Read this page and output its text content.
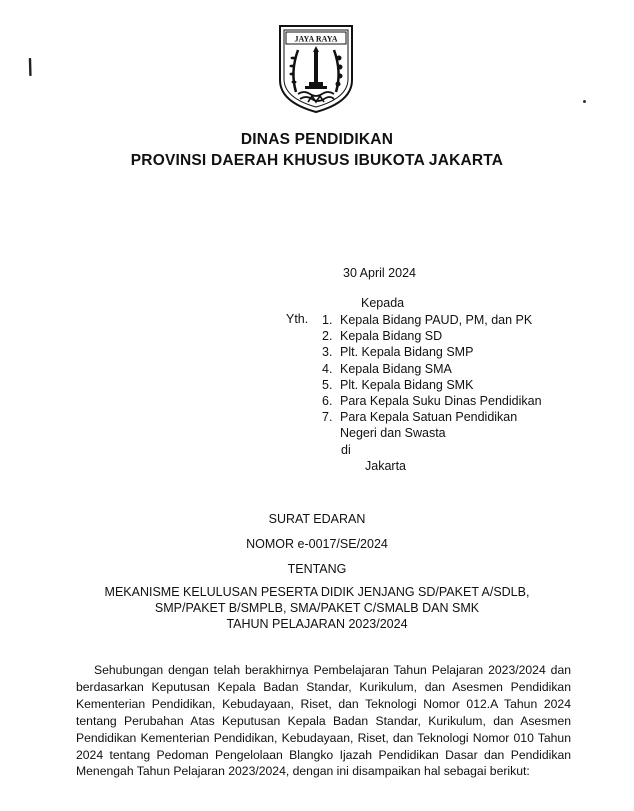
JAYA RAYA
DINAS PENDIDIKAN
PROVINSI DAERAH KHUSUS IBUKOTA JAKARTA
30 April 2024
Kepada
Yth. 1. Kepala Bidang PAUD, PM, dan PK
2. Kepala Bidang SD
3. Plt. Kepala Bidang SMP
4. Kepala Bidang SMA
5. Plt. Kepala Bidang SMK
6. Para Kepala Suku Dinas Pendidikan
7. Para Kepala Satuan Pendidikan
Negeri dan Swasta
di
Jakarta
SURAT EDARAN
NOMOR e-0017/SE/2024
TENTANG
MEKANISME KELULUSAN PESERTA DIDIK JENJANG SD/PAKET A/SDLB,
SMP/PAKET B/SMPLB, SMA/PAKET C/SMALB DAN SMK
TAHUN PELAJARAN 2023/2024
Sehubungan dengan telah berakhirnya Pembelajaran Tahun Pelajaran 2023/2024 dan berdasarkan Keputusan Kepala Badan Standar, Kurikulum, dan Asesmen Pendidikan Kementerian Pendidikan, Kebudayaan, Riset, dan Teknologi Nomor 012.A Tahun 2024 tentang Perubahan Atas Keputusan Kepala Badan Standar, Kurikulum, dan Asesmen Pendidikan Kementerian Pendidikan, Kebudayaan, Riset, dan Teknologi Nomor 010 Tahun 2024 tentang Pedoman Pengelolaan Blangko Ijazah Pendidikan Dasar dan Pendidikan Menengah Tahun Pelajaran 2023/2024, dengan ini disampaikan hal sebagai berikut:
